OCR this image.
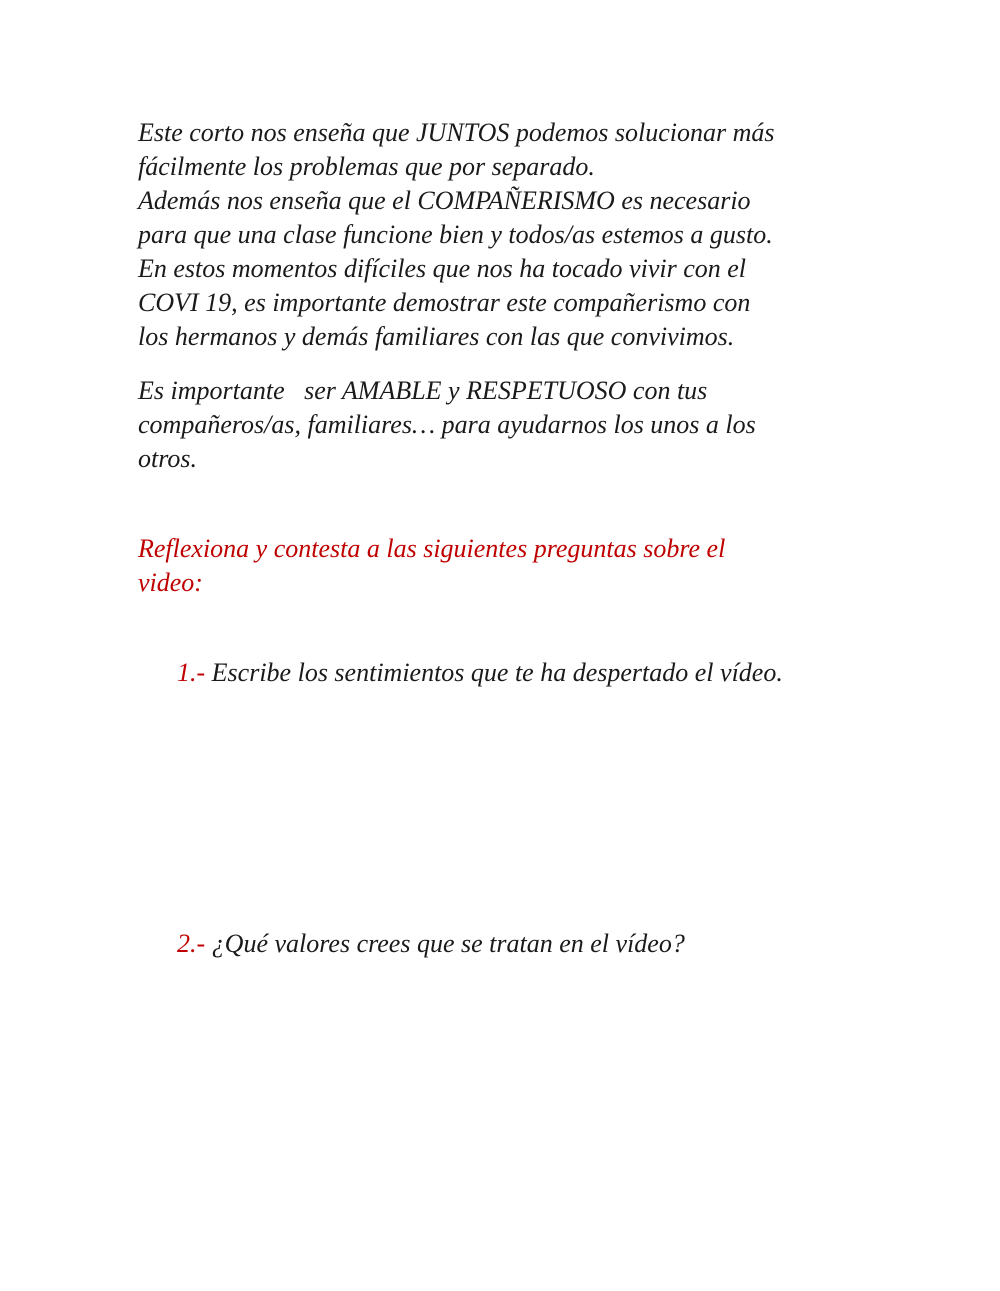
Este corto nos enseña que JUNTOS podemos solucionar más
fácilmente los problemas que por separado.
Además nos enseña que el COMPAÑERISMO es necesario
para que una clase funcione bien y todos/as estemos a gusto.
En estos momentos difíciles que nos ha tocado vivir con el
COVI 19, es importante demostrar este compañerismo con
los hermanos y demás familiares con las que convivimos.

Es importante   ser AMABLE y RESPETUOSO con tus
compañeros/as, familiares… para ayudarnos los unos a los
otros.

Reflexiona y contesta a las siguientes preguntas sobre el
video:

1.- Escribe los sentimientos que te ha despertado el vídeo.

2.- ¿Qué valores crees que se tratan en el vídeo?
